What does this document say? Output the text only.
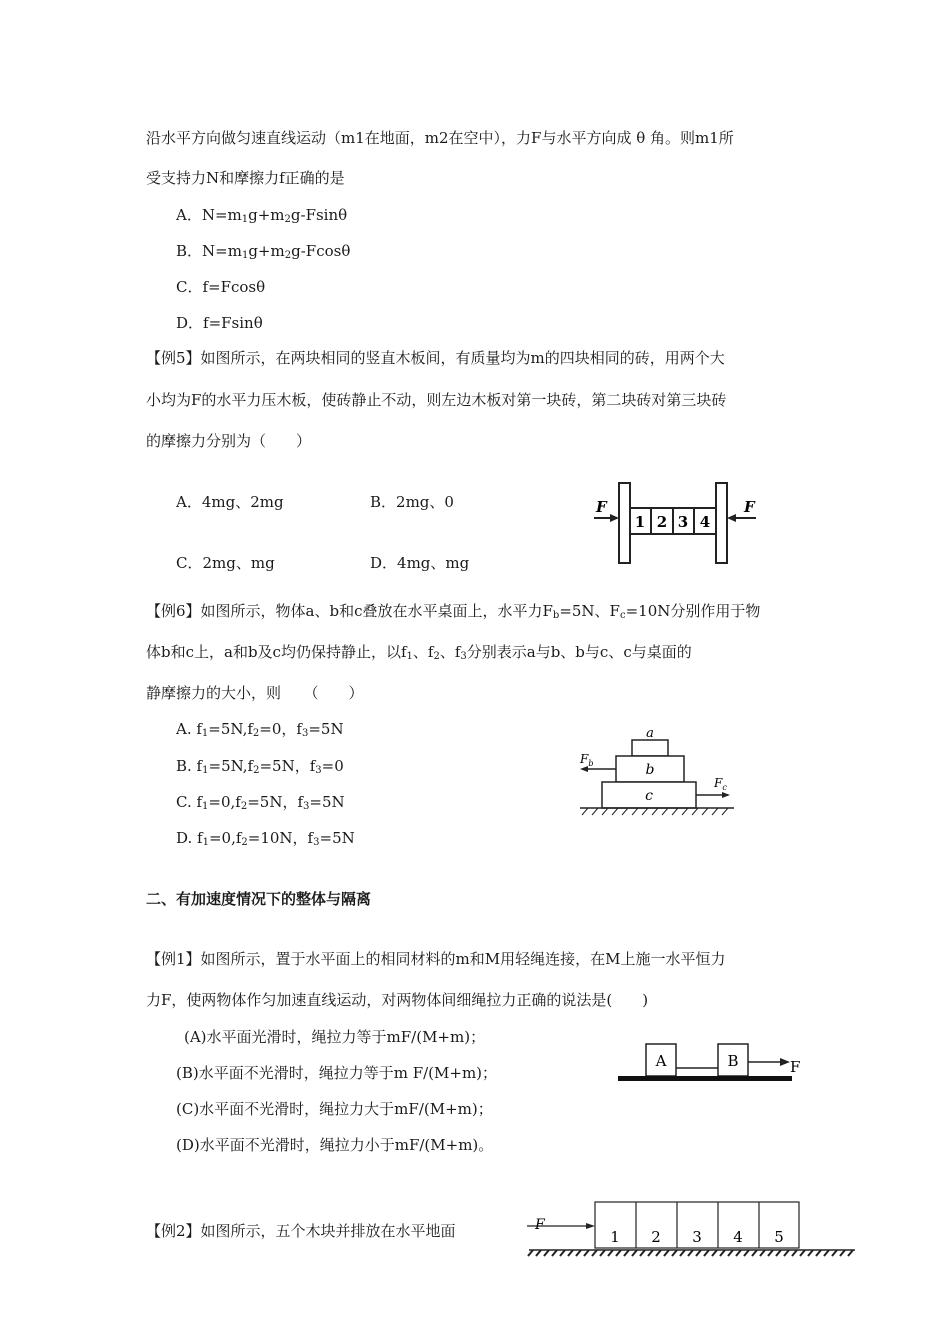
沿水平方向做匀速直线运动（m1在地面，m2在空中），力F与水平方向成 θ 角。则m1所
受支持力N和摩擦力f正确的是
A．$N=m_1g+m_2g$-Fsinθ
B．$N=m_1g+m_2g$-Fcosθ
C．f=Fcosθ
D．f=Fsinθ
【例5】如图所示，在两块相同的竖直木板间，有质量均为m的四块相同的砖，用两个大
小均为F的水平力压木板，使砖静止不动，则左边木板对第一块砖，第二块砖对第三块砖
的摩擦力分别为（　　）
A．4mg、2mg	B．2mg、0
C．2mg、mg	D．4mg、mg
1 2 3 4
F	F
【例6】如图所示，物体a、b和c叠放在水平桌面上，水平力$F_b=5N$、$F_c=10N$分别作用于物
体b和c上，a和b及c均仍保持静止，以$f_1$、$f_2$、$f_3$分别表示a与b、b与c、c与桌面的
静摩擦力的大小，则　　（　　）
A. $f_1=5N,f_2=0$，$f_3=5N$
B. $f_1=5N,f_2=5N$，$f_3=0$
C. $f_1=0,f_2=5N$，$f_3=5N$
D. $f_1=0,f_2=10N$，$f_3=5N$
a
b
c
$F_b$
$F_c$
二、有加速度情况下的整体与隔离
【例1】如图所示，置于水平面上的相同材料的m和M用轻绳连接，在M上施一水平恒力
力F，使两物体作匀加速直线运动，对两物体间细绳拉力正确的说法是(　　)
(A)水平面光滑时，绳拉力等于mF/(M+m)；
(B)水平面不光滑时，绳拉力等于m F/(M+m)；
(C)水平面不光滑时，绳拉力大于mF/(M+m)；
(D)水平面不光滑时，绳拉力小于mF/(M+m)。
A	B	F
【例2】如图所示，五个木块并排放在水平地面	1 2 3 4 5
F
